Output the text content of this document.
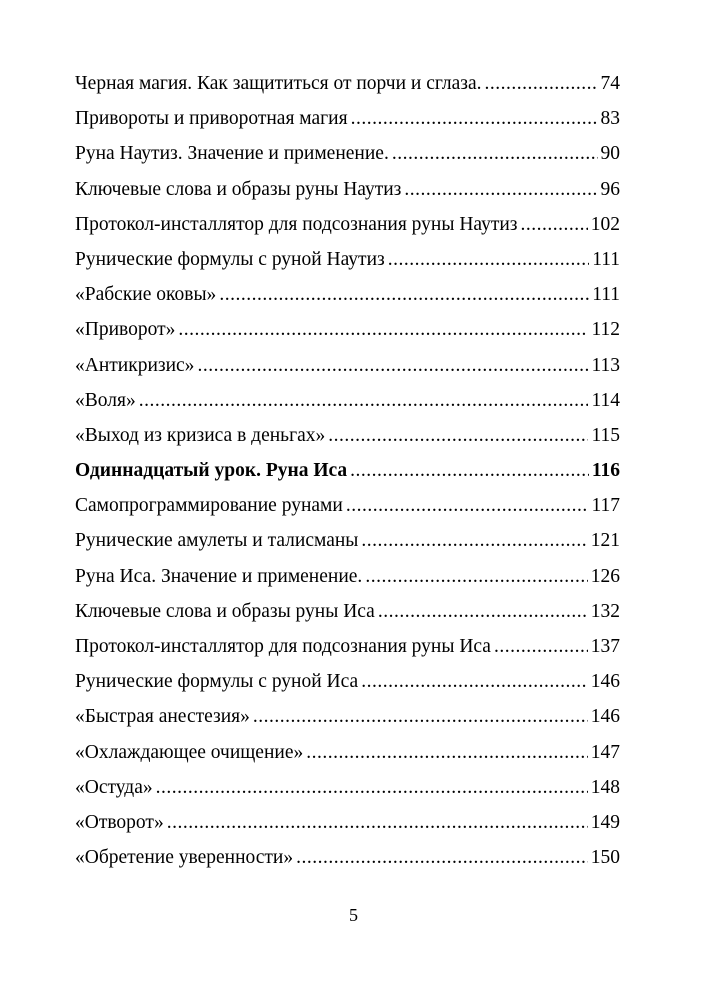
Черная магия. Как защититься от порчи и сглаза. .....	74
Привороты и приворотная магия .....	83
Руна Наутиз. Значение и применение. .....	90
Ключевые слова и образы руны Наутиз .....	96
Протокол-инсталлятор для подсознания руны Наутиз .....	102
Рунические формулы с руной Наутиз .....	111
«Рабские оковы» .....	111
«Приворот» .....	112
«Антикризис» .....	113
«Воля» .....	114
«Выход из кризиса в деньгах» .....	115
Одиннадцатый урок. Руна Иса .....	116
Самопрограммирование рунами .....	117
Рунические амулеты и талисманы .....	121
Руна Иса. Значение и применение. .....	126
Ключевые слова и образы руны Иса .....	132
Протокол-инсталлятор для подсознания руны Иса .....	137
Рунические формулы с руной Иса .....	146
«Быстрая анестезия» .....	146
«Охлаждающее очищение» .....	147
«Остуда» .....	148
«Отворот» .....	149
«Обретение уверенности» .....	150
5
